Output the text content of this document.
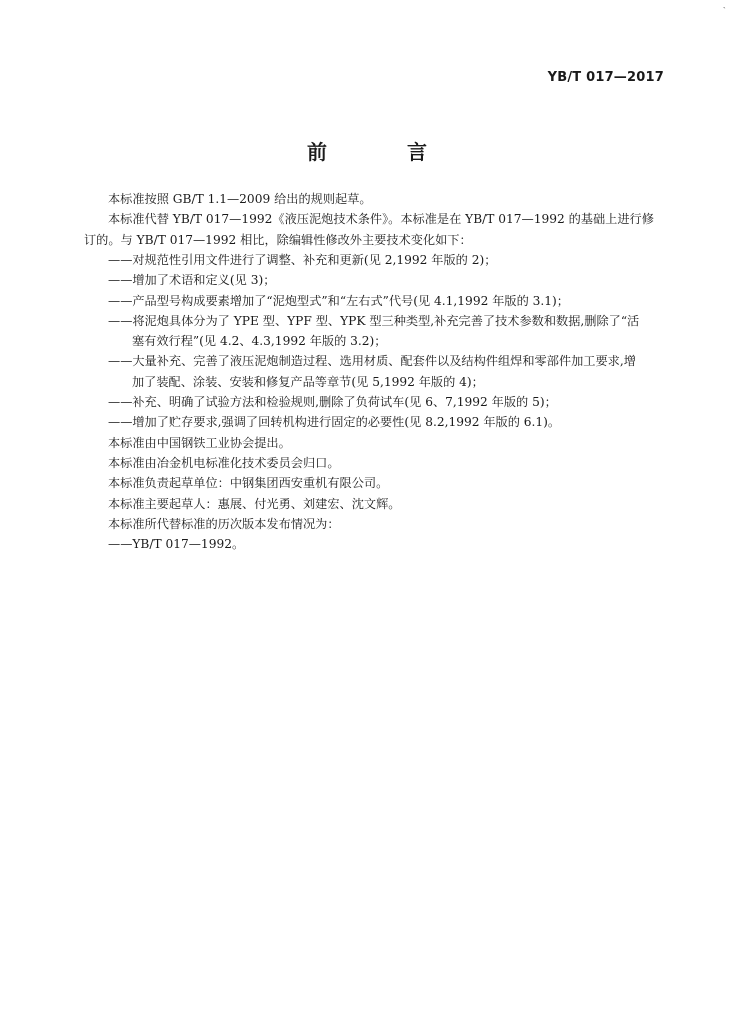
ˎ
YB/T 017—2017
前　言
本标准按照 GB/T 1.1—2009 给出的规则起草。
本标准代替 YB/T 017—1992《液压泥炮技术条件》。本标准是在 YB/T 017—1992 的基础上进行修
订的。与 YB/T 017—1992 相比，除编辑性修改外主要技术变化如下：
——对规范性引用文件进行了调整、补充和更新(见 2,1992 年版的 2)；
——增加了术语和定义(见 3)；
——产品型号构成要素增加了“泥炮型式”和“左右式”代号(见 4.1,1992 年版的 3.1)；
——将泥炮具体分为了 YPE 型、YPF 型、YPK 型三种类型,补充完善了技术参数和数据,删除了“活
塞有效行程”(见 4.2、4.3,1992 年版的 3.2)；
——大量补充、完善了液压泥炮制造过程、选用材质、配套件以及结构件组焊和零部件加工要求,增
加了装配、涂装、安装和修复产品等章节(见 5,1992 年版的 4)；
——补充、明确了试验方法和检验规则,删除了负荷试车(见 6、7,1992 年版的 5)；
——增加了贮存要求,强调了回转机构进行固定的必要性(见 8.2,1992 年版的 6.1)。
本标准由中国钢铁工业协会提出。
本标准由冶金机电标准化技术委员会归口。
本标准负责起草单位：中钢集团西安重机有限公司。
本标准主要起草人：惠展、付光勇、刘建宏、沈文辉。
本标准所代替标准的历次版本发布情况为：
——YB/T 017—1992。
